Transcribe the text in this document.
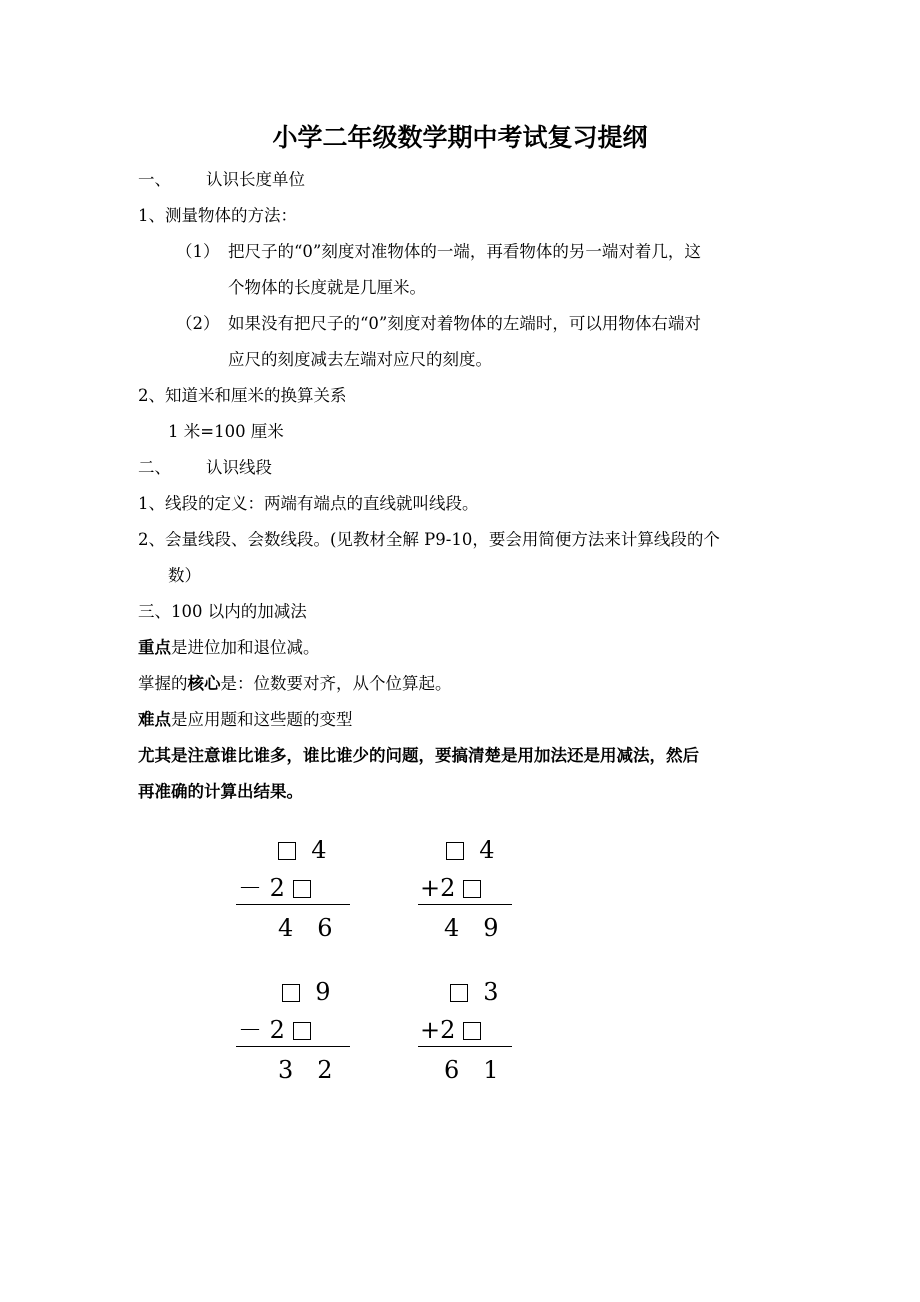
小学二年级数学期中考试复习提纲
一、 认识长度单位
1、测量物体的方法：
（1） 把尺子的“0”刻度对准物体的一端，再看物体的另一端对着几，这
个物体的长度就是几厘米。
（2） 如果没有把尺子的“0”刻度对着物体的左端时，可以用物体右端对
应尺的刻度减去左端对应尺的刻度。
2、知道米和厘米的换算关系
1 米=100 厘米
二、 认识线段
1、线段的定义：两端有端点的直线就叫线段。
2、会量线段、会数线段。(见教材全解 P9-10，要会用简便方法来计算线段的个
数）
三、100 以内的加减法
重点是进位加和退位减。
掌握的核心是：位数要对齐，从个位算起。
难点是应用题和这些题的变型
尤其是注意谁比谁多，谁比谁少的问题，要搞清楚是用加法还是用减法，然后
再准确的计算出结果。
4
－ 2
4　6
4
+2
4　9
9
－ 2
3　2
3
+2
6　1
